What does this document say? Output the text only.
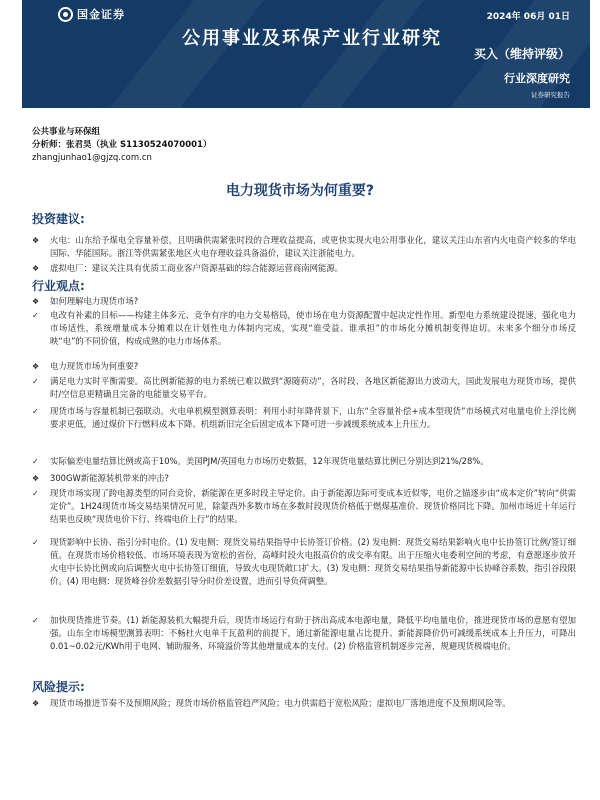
国金证券
公用事业及环保产业行业研究
2024年 06月 01日
买入（维持评级）
行业深度研究
证券研究报告
公共事业与环保组
分析师：张君昊（执业 S1130524070001）
zhangjunhao1@gjzq.com.cn
电力现货市场为何重要?
投资建议:
❖	火电：山东给予煤电全容量补偿，且明确供需紧张时段的合理收益提高，或更快实现火电公用事业化，建议关注山东省内火电资产较多的华电国际、华能国际。浙江等供需紧张地区火电存理收益具备溢价，建议关注浙能电力。
❖	虚拟电厂：建议关注具有优质工商业客户资源基础的综合能源运营商南网能源。
行业观点:
❖	如何理解电力现货市场?
✓	电改有补素的目标——构建主体多元、竞争有序的电力交易格局，使市场在电力资源配置中起决定性作用。新型电力系统建设提速，强化电力市场适性，系统增量成本分摊难以在计划性电力体制内完成，实现“谁受益、谁承担”的市场化分摊机制变得迫切。未来多个细分市场反映“电”的不同价值，构成成熟的电力市场体系。
❖	电力现货市场为何重要?
✓	满足电力实时平衡需要。高比例新能源的电力系统已难以做到“源随荷动”，各时段、各地区新能源出力波动大，国此发展电力现货市场，提供时/空信息更精确且完备的电能量交易平台。
✓	现货市场与容量机制已强联动。火电单机模型测算表明：利用小时年降背景下，山东“全容量补偿+成本型现货”市场模式对电量电价上浮比例要求更低，通过煤价下行燃料成本下降、机组新旧完全后固定成本下降可进一步减缓系统成本上升压力。
✓	实际偏差电量结算比例或高于10%。美国PJM/英国电力市场历史数据，12年现货电量结算比例已分别达到21%/28%。
❖	300GW新能源装机带来的冲击?
✓	现货市场实现了跨电源类型的同台竞价，新能源在更多时段主导定价。由于新能源边际可变成本近似零，电价之锚逐步由“成本定价”转向“供需定价”。1H24现货市场交易结果情况可见，除蒙西外多数市场在多数时段现货价格低于燃煤基准价、现货价格同比下降。加州市场近十年运行结果也反映“现货电价下行、终端电价上行”的结果。
✓	现货影响中长协、指引分时电价。(1) 发电侧：现货交易结果指导中长协签订价格。(2) 发电侧：现货交易结果影响火电中长协签订比例/签订细值。在现货市场价格较低、市场环境表现为宽松的省份，高峰时段火电报高价的成交率有限。出于压缩火电委利空间的考虑，有意愿逐步放开火电中长协比例或向后调整火电中长协签订细值，导致火电现货敞口扩大。(3) 发电侧：现货交易结果指导新能源中长协峰谷系数，指引谷段限价。(4) 用电侧：现货峰谷价差数据引导分时价差设置，进而引导负荷调整。
✓	加快现货推进节奏。(1) 新能源装机大幅提升后，现货市场运行有助于挤出高成本电源电量，降低平均电量电价，推进现货市场的意愿有望加强。山东全市场模型测算表明：不畅杜火电单千瓦盈利的前提下，通过新能源电量占比提升、新能源降价仍可减缓系统成本上升压力，可降出0.01~0.02元/KWh用于电网、辅助服务、环境溢价等其他增量成本的支付。(2) 价格监管机制逐步完善，规避现货极端电价。
风险提示:
❖	现货市场推进节奏不及预期风险；现货市场价格监管趋严风险；电力供需趋于宽松风险；虚拟电厂落地进度不及预期风险等。
